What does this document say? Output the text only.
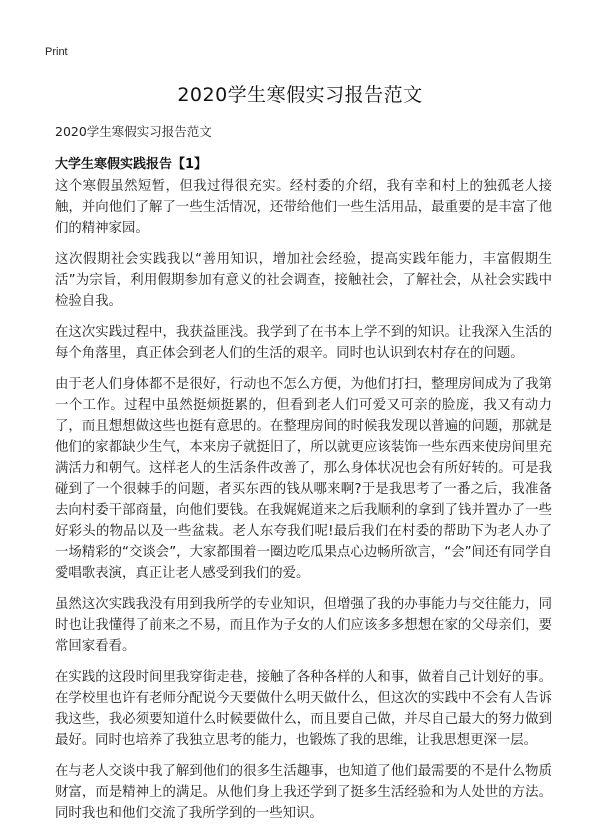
Print
2020学生寒假实习报告范文
2020学生寒假实习报告范文
大学生寒假实践报告【1】

这个寒假虽然短暂，但我过得很充实。经村委的介绍，我有幸和村上的独孤老人接触，并向他们了解了一些生活情况，还带给他们一些生活用品，最重要的是丰富了他们的精神家园。

这次假期社会实践我以“善用知识，增加社会经验，提高实践年能力，丰富假期生活”为宗旨，利用假期参加有意义的社会调查，接触社会，了解社会，从社会实践中检验自我。

在这次实践过程中，我获益匪浅。我学到了在书本上学不到的知识。让我深入生活的每个角落里，真正体会到老人们的生活的艰辛。同时也认识到农村存在的问题。

由于老人们身体都不是很好，行动也不怎么方便，为他们打扫，整理房间成为了我第一个工作。过程中虽然挺烦挺累的，但看到老人们可爱又可亲的脸庞，我又有动力了，而且想想做这些也挺有意思的。在整理房间的时候我发现以普遍的问题，那就是他们的家都缺少生气，本来房子就挺旧了，所以就更应该装饰一些东西来使房间里充满活力和朝气。这样老人的生活条件改善了，那么身体状况也会有所好转的。可是我碰到了一个很棘手的问题，者买东西的钱从哪来啊?于是我思考了一番之后，我准备去向村委干部商量，向他们要钱。在我娓娓道来之后我顺利的拿到了钱并置办了一些好彩头的物品以及一些盆栽。老人东夸我们呢!最后我们在村委的帮助下为老人办了一场精彩的“交谈会”，大家都围着一圈边吃瓜果点心边畅所欲言，“会”间还有同学自愛唱歌表演，真正让老人感受到我们的爱。

虽然这次实践我没有用到我所学的专业知识，但增强了我的办事能力与交往能力，同时也让我懂得了前来之不易，而且作为子女的人们应该多多想想在家的父母亲们，要常回家看看。

在实践的这段时间里我穿街走巷，接触了各种各样的人和事，做着自己计划好的事。在学校里也许有老师分配说今天要做什么明天做什么，但这次的实践中不会有人告诉我这些，我必须要知道什么时候要做什么，而且要自己做，并尽自己最大的努力做到最好。同时也培养了我独立思考的能力，也锻炼了我的思维，让我思想更深一层。

在与老人交谈中我了解到他们的很多生活趣事，也知道了他们最需要的不是什么物质财富，而是精神上的满足。从他们身上我还学到了挺多生活经验和为人处世的方法。同时我也和他们交流了我所学到的一些知识。
